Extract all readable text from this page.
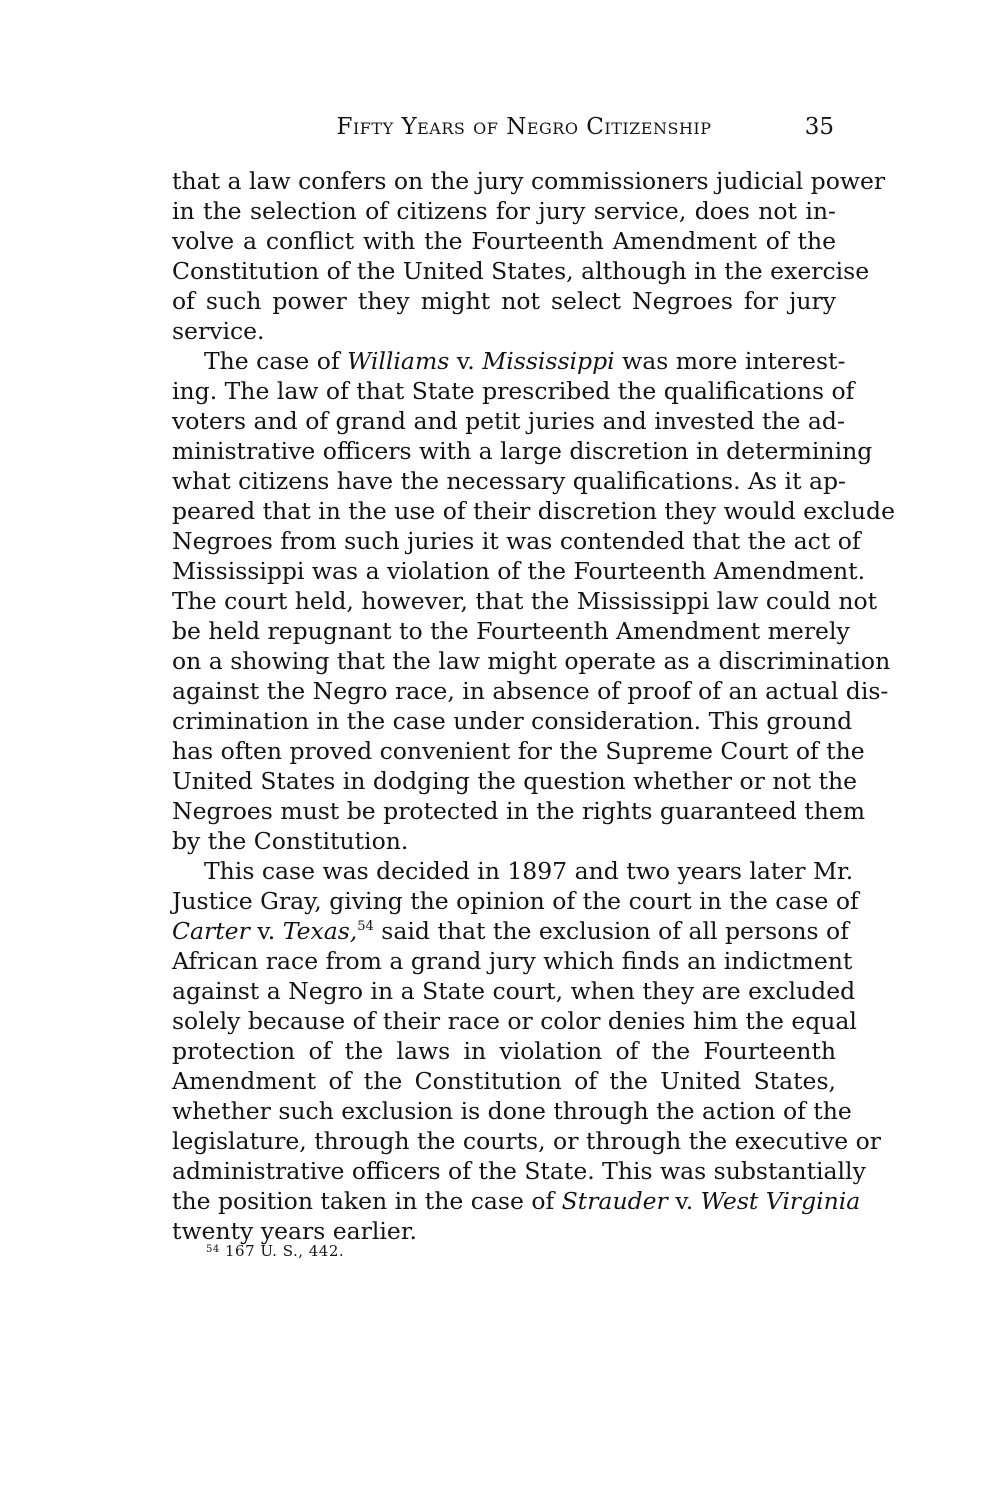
Fifty Years of Negro Citizenship	35
that a law confers on the jury commissioners judicial power
in the selection of citizens for jury service, does not in-
volve a conflict with the Fourteenth Amendment of the
Constitution of the United States, although in the exercise
of such power they might not select Negroes for jury
service.
The case of Williams v. Mississippi was more interest-
ing. The law of that State prescribed the qualifications of
voters and of grand and petit juries and invested the ad-
ministrative officers with a large discretion in determining
what citizens have the necessary qualifications. As it ap-
peared that in the use of their discretion they would exclude
Negroes from such juries it was contended that the act of
Mississippi was a violation of the Fourteenth Amendment.
The court held, however, that the Mississippi law could not
be held repugnant to the Fourteenth Amendment merely
on a showing that the law might operate as a discrimination
against the Negro race, in absence of proof of an actual dis-
crimination in the case under consideration. This ground
has often proved convenient for the Supreme Court of the
United States in dodging the question whether or not the
Negroes must be protected in the rights guaranteed them
by the Constitution.
This case was decided in 1897 and two years later Mr.
Justice Gray, giving the opinion of the court in the case of
Carter v. Texas,$^{54}$ said that the exclusion of all persons of
African race from a grand jury which finds an indictment
against a Negro in a State court, when they are excluded
solely because of their race or color denies him the equal
protection of the laws in violation of the Fourteenth
Amendment of the Constitution of the United States,
whether such exclusion is done through the action of the
legislature, through the courts, or through the executive or
administrative officers of the State. This was substantially
the position taken in the case of Strauder v. West Virginia
twenty years earlier.
$^{54}$ 167 U. S., 442.
